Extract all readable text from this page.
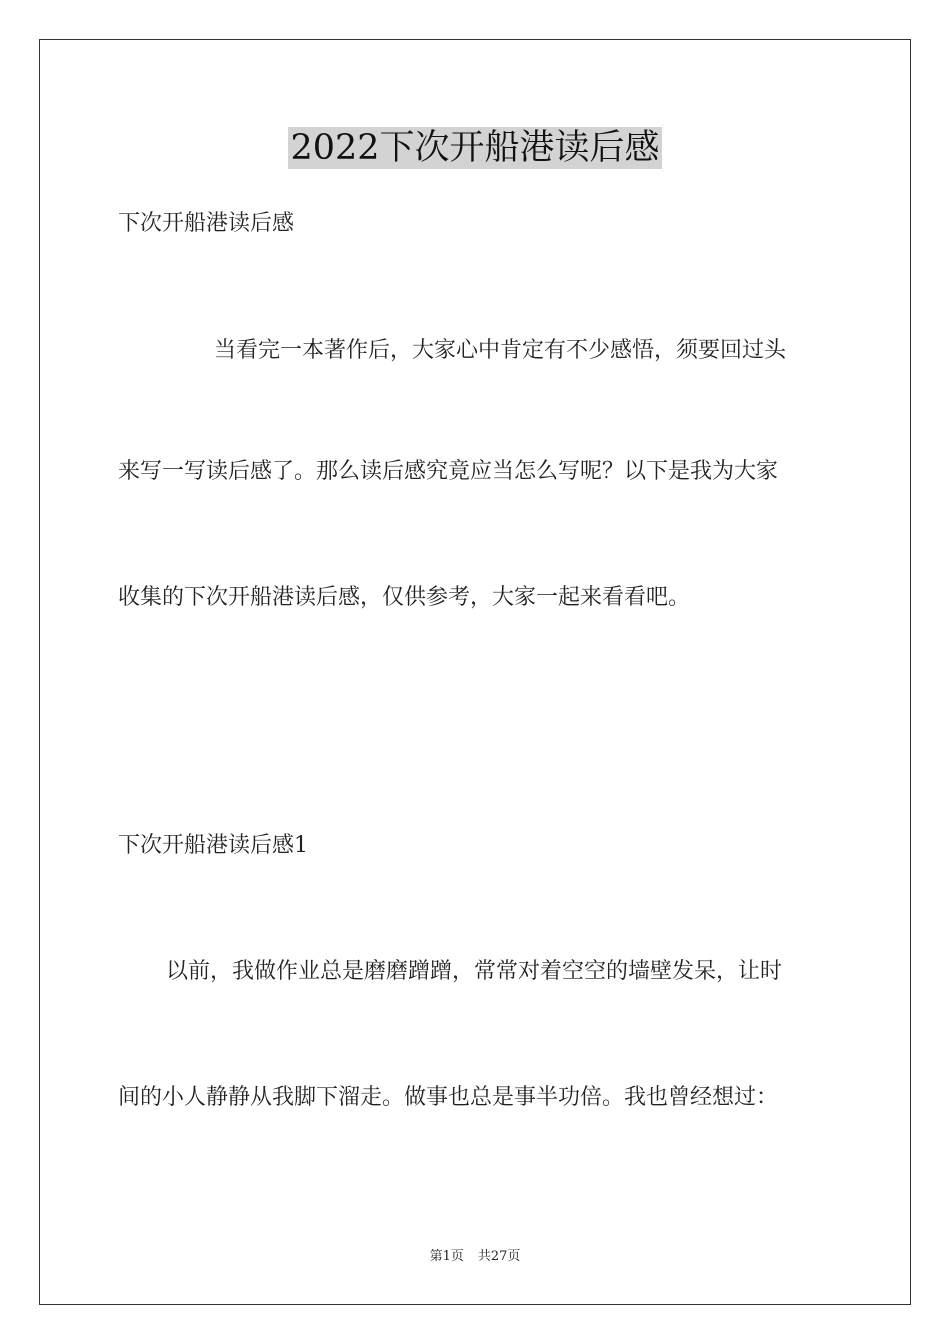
2022下次开船港读后感
下次开船港读后感
当看完一本著作后，大家心中肯定有不少感悟，须要回过头
来写一写读后感了。那么读后感究竟应当怎么写呢？以下是我为大家
收集的下次开船港读后感，仅供参考，大家一起来看看吧。
下次开船港读后感1
以前，我做作业总是磨磨蹭蹭，常常对着空空的墙壁发呆，让时
间的小人静静从我脚下溜走。做事也总是事半功倍。我也曾经想过：
第1页 共27页
